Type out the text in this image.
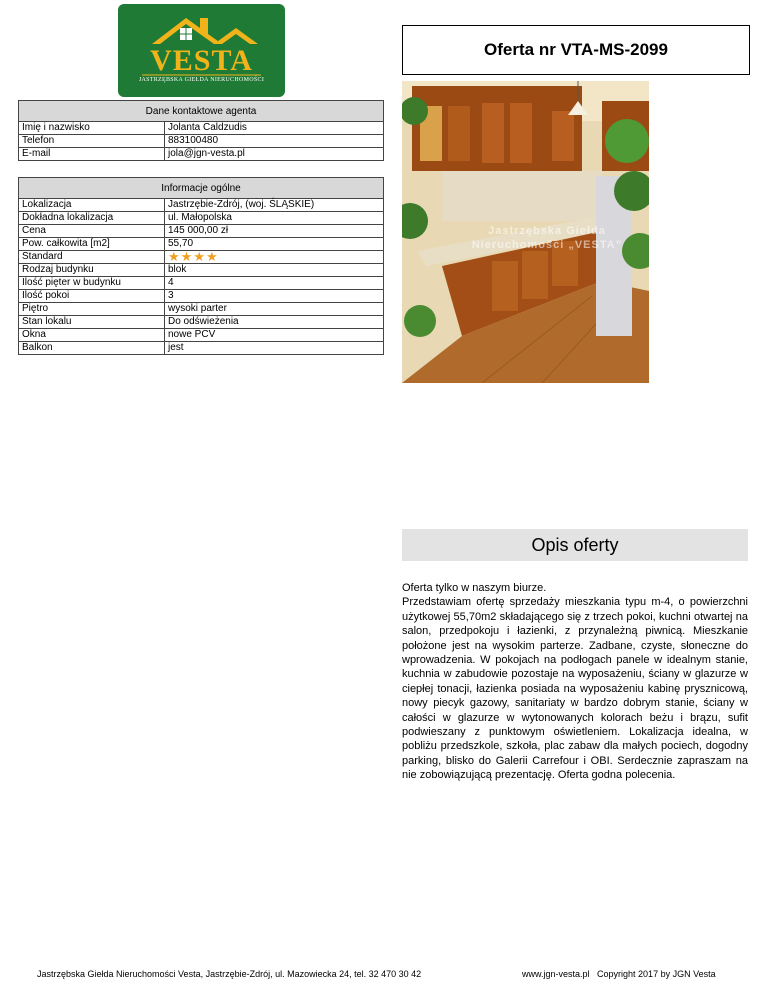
VESTA
JASTRZĘBSKA GIEŁDA NIERUCHOMOŚCI
Oferta nr VTA-MS-2099
Dane kontaktowe agenta	
Imię i nazwisko	Jolanta Caldzudis
Telefon	883100480
E-mail	jola@jgn-vesta.pl
Informacje ogólne	
Lokalizacja	Jastrzębie-Zdrój, (woj. ŚLĄSKIE)
Dokładna lokalizacja	ul. Małopolska
Cena	145 000,00 zł
Pow. całkowita [m2]	55,70
Standard	★ ★ ★ ★

Rodzaj budynku	blok
Ilość pięter w budynku	4
Ilość pokoi	3
Piętro	wysoki parter
Stan lokalu	Do odświeżenia
Okna	nowe PCV
Balkon	jest
Jastrzębska Giełda
Nieruchomości „VESTA”
Opis oferty

Oferta tylko w naszym biurze.

Przedstawiam ofertę sprzedaży mieszkania typu m-4, o powierzchni użytkowej 55,70m2 składającego się z trzech pokoi, kuchni otwartej na salon, przedpokoju i łazienki, z przynależną piwnicą. Mieszkanie położone jest na wysokim parterze. Zadbane, czyste, słoneczne do wprowadzenia. W pokojach na podłogach panele w idealnym stanie, kuchnia w zabudowie pozostaje na wyposażeniu, ściany w glazurze w ciepłej tonacji, łazienka posiada na wyposażeniu kabinę prysznicową, nowy piecyk gazowy, sanitariaty w bardzo dobrym stanie, ściany w całości w glazurze w wytonowanych kolorach beżu i brązu, sufit podwieszany z punktowym oświetleniem. Lokalizacja idealna, w pobliżu przedszkole, szkoła, plac zabaw dla małych pociech, dogodny parking, blisko do Galerii Carrefour i OBI. Serdecznie zapraszam na nie zobowiązującą prezentację. Oferta godna polecenia.

Jastrzębska Giełda Nieruchomości Vesta, Jastrzębie-Zdrój, ul. Mazowiecka 24, tel. 32 470 30 42	www.jgn-vesta.pl   Copyright 2017 by JGN Vesta
